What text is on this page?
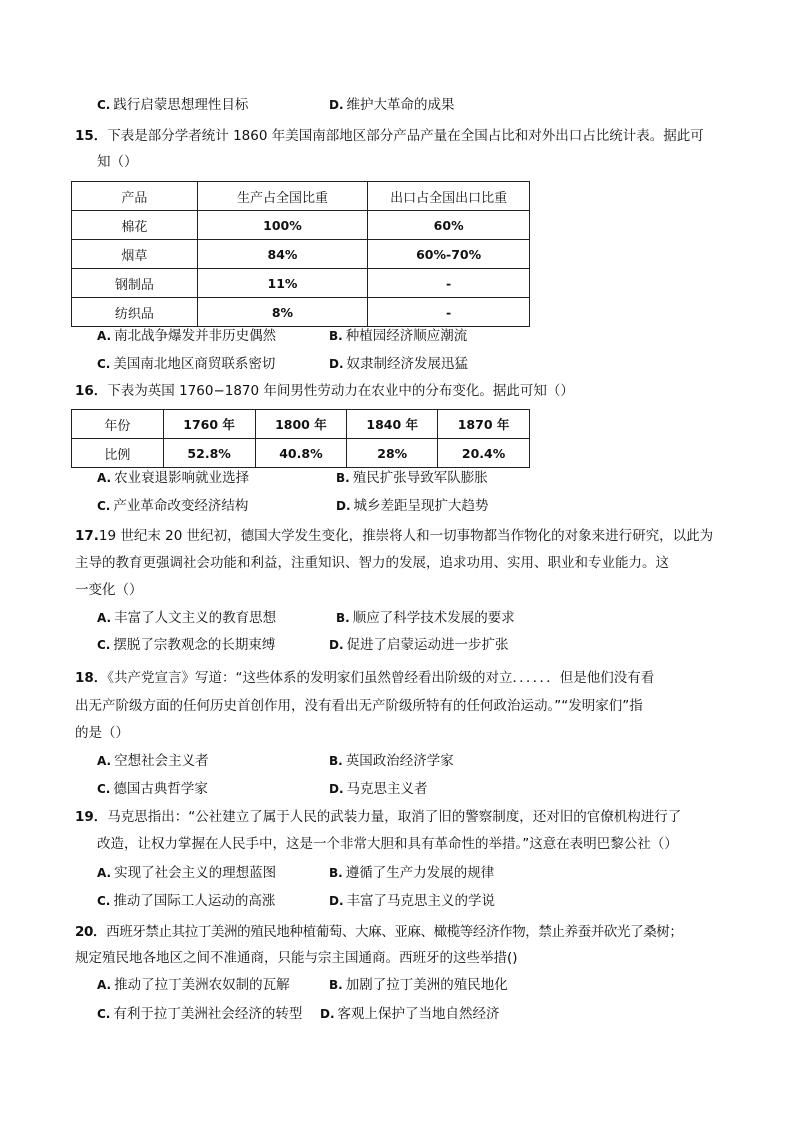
C. 践行启蒙思想理性目标	D. 维护大革命的成果
15．下表是部分学者统计 1860 年美国南部地区部分产品产量在全国占比和对外出口占比统计表。据此可
知（）
产品	生产占全国比重	出口占全国出口比重
棉花	100%	60%
烟草	84%	60%-70%
钢制品	11%	-
纺织品	8%	-
A. 南北战争爆发并非历史偶然	B. 种植园经济顺应潮流
C. 美国南北地区商贸联系密切	D. 奴隶制经济发展迅猛
16．下表为英国 1760−1870 年间男性劳动力在农业中的分布变化。据此可知（）
年份	1760 年	1800 年	1840 年	1870 年
比例	52.8%	40.8%	28%	20.4%
A. 农业衰退影响就业选择	B. 殖民扩张导致军队膨胀
C. 产业革命改变经济结构	D. 城乡差距呈现扩大趋势
17.19 世纪末 20 世纪初，德国大学发生变化，推崇将人和一切事物都当作物化的对象来进行研究，以此为
主导的教育更强调社会功能和利益，注重知识、智力的发展，追求功用、实用、职业和专业能力。这
一变化（）
A. 丰富了人文主义的教育思想	B. 顺应了科学技术发展的要求
C. 摆脱了宗教观念的长期束缚	D. 促进了启蒙运动进一步扩张
18．《共产党宣言》写道：“这些体系的发明家们虽然曾经看出阶级的对立．．．．．．但是他们没有看
出无产阶级方面的任何历史首创作用，没有看出无产阶级所特有的任何政治运动。”“发明家们”指
的是（）
A. 空想社会主义者	B. 英国政治经济学家
C. 德国古典哲学家	D. 马克思主义者
19．马克思指出：“公社建立了属于人民的武装力量，取消了旧的警察制度，还对旧的官僚机构进行了
改造，让权力掌握在人民手中，这是一个非常大胆和具有革命性的举措。”这意在表明巴黎公社（）
A. 实现了社会主义的理想蓝图	B. 遵循了生产力发展的规律
C. 推动了国际工人运动的高涨	D. 丰富了马克思主义的学说
20．西班牙禁止其拉丁美洲的殖民地种植葡萄、大麻、亚麻、橄榄等经济作物，禁止养蚕并砍光了桑树；
规定殖民地各地区之间不准通商，只能与宗主国通商。西班牙的这些举措()
A. 推动了拉丁美洲农奴制的瓦解	B. 加剧了拉丁美洲的殖民地化
C. 有利于拉丁美洲社会经济的转型 D. 客观上保护了当地自然经济
